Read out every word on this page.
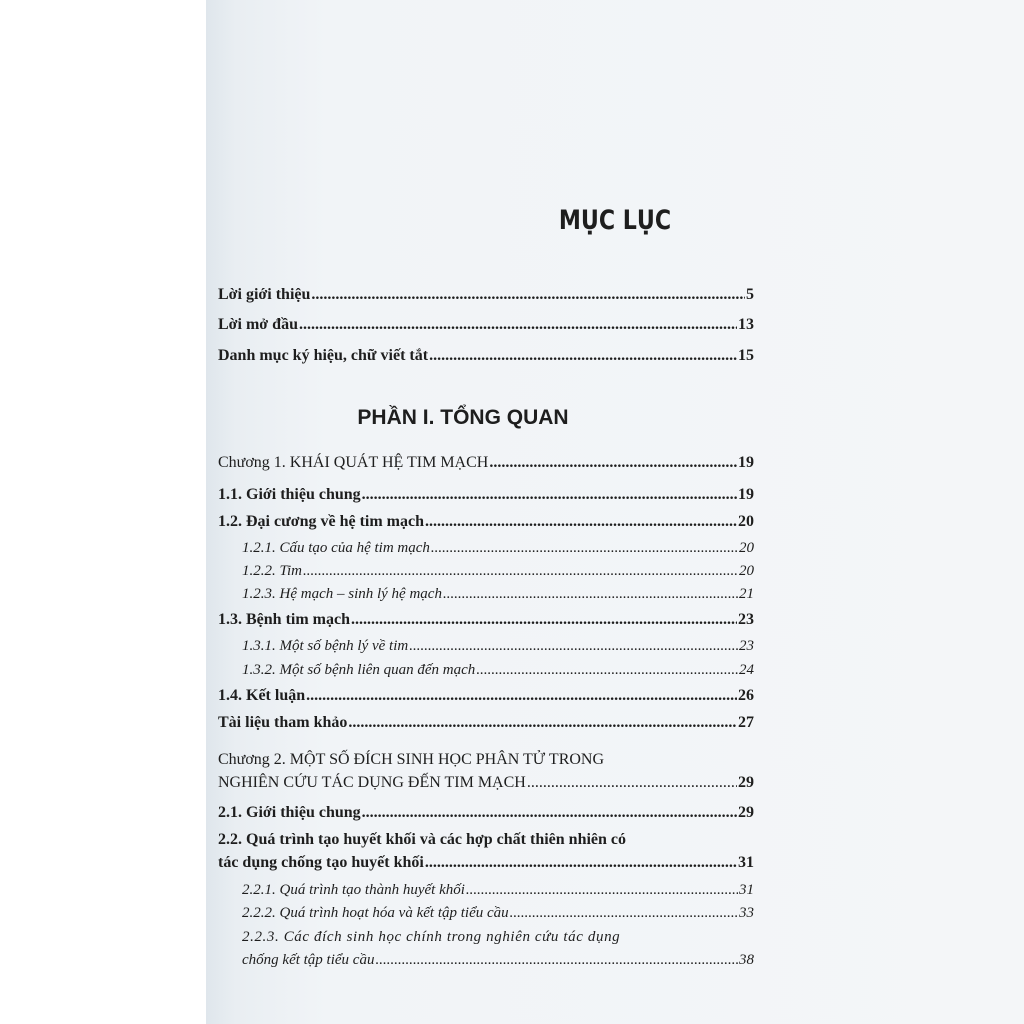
MỤC LỤC
Lời giới thiệu .....	5
Lời mở đầu .....	13
Danh mục ký hiệu, chữ viết tắt .....	15
PHẦN I. TỔNG QUAN
Chương 1. KHÁI QUÁT HỆ TIM MẠCH .....	19
1.1. Giới thiệu chung .....	19
1.2. Đại cương về hệ tim mạch .....	20
1.2.1. Cấu tạo của hệ tim mạch .....	20
1.2.2. Tim .....	20
1.2.3. Hệ mạch – sinh lý hệ mạch .....	21
1.3. Bệnh tim mạch .....	23
1.3.1. Một số bệnh lý về tim .....	23
1.3.2. Một số bệnh liên quan đến mạch .....	24
1.4. Kết luận .....	26
Tài liệu tham khảo .....	27
Chương 2. MỘT SỐ ĐÍCH SINH HỌC PHÂN TỬ TRONG
NGHIÊN CỨU TÁC DỤNG ĐẾN TIM MẠCH .....	29
2.1. Giới thiệu chung .....	29
2.2. Quá trình tạo huyết khối và các hợp chất thiên nhiên có
tác dụng chống tạo huyết khối .....	31
2.2.1. Quá trình tạo thành huyết khối .....	31
2.2.2. Quá trình hoạt hóa và kết tập tiểu cầu .....	33
2.2.3. Các đích sinh học chính trong nghiên cứu tác dụng
chống kết tập tiểu cầu .....	38
